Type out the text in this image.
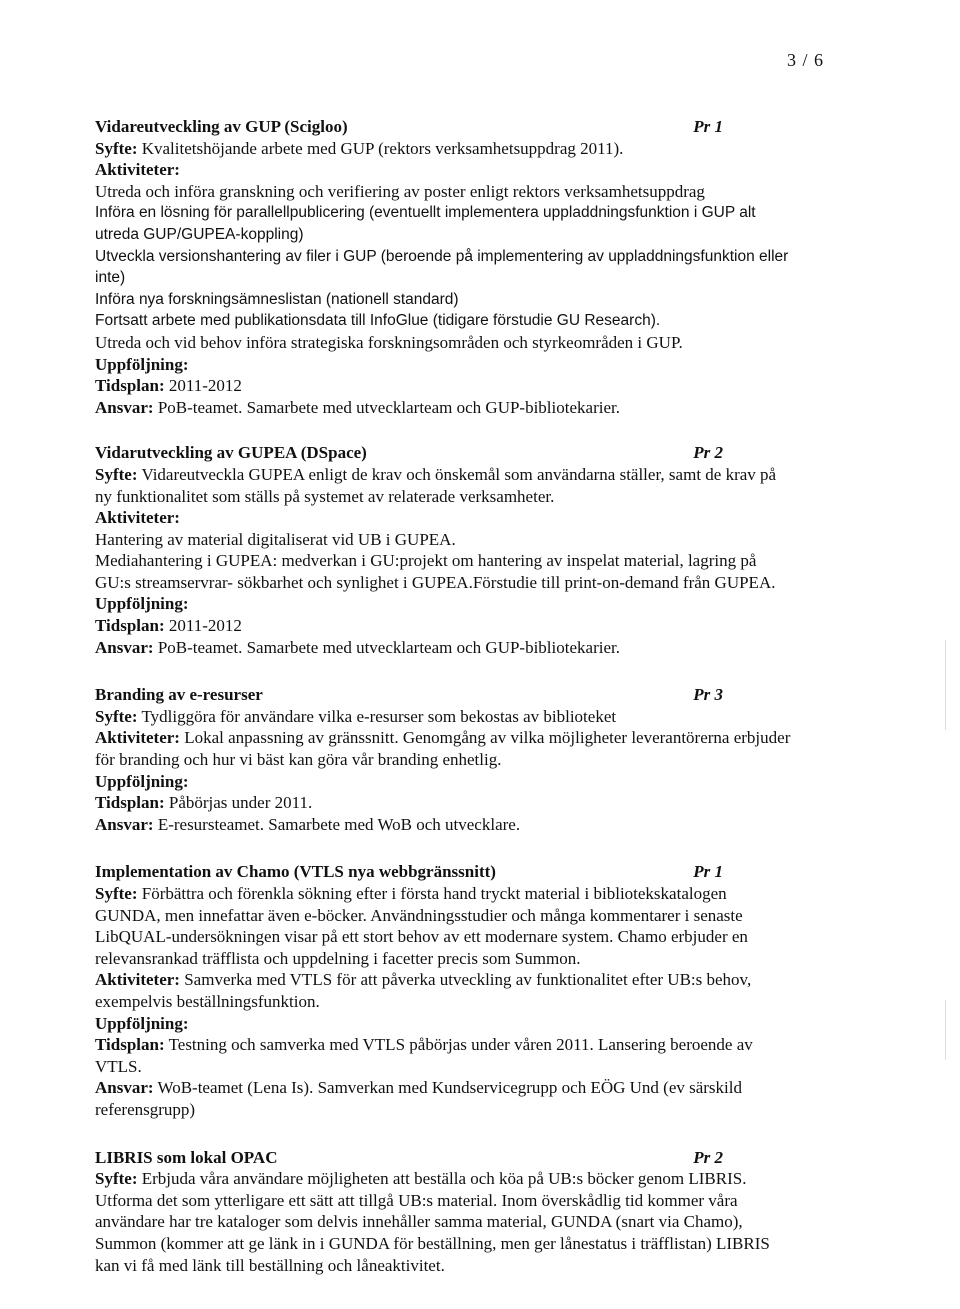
3 / 6
Vidareutveckling av GUP (Scigloo)	Pr 1
Syfte: Kvalitetshöjande arbete med GUP (rektors verksamhetsuppdrag 2011).
Aktiviteter:
Utreda och införa granskning och verifiering av poster enligt rektors verksamhetsuppdrag
Införa en lösning för parallellpublicering (eventuellt implementera uppladdningsfunktion i GUP alt
utreda GUP/GUPEA-koppling)
Utveckla versionshantering av filer i GUP (beroende på implementering av uppladdningsfunktion eller
inte)
Införa nya forskningsämneslistan (nationell standard)
Fortsatt arbete med publikationsdata till InfoGlue (tidigare förstudie GU Research).
Utreda och vid behov införa strategiska forskningsområden och styrkeområden i GUP.
Uppföljning:
Tidsplan: 2011-2012
Ansvar: PoB-teamet. Samarbete med utvecklarteam och GUP-bibliotekarier.
Vidarutveckling av GUPEA (DSpace)	Pr 2
Syfte: Vidareutveckla GUPEA enligt de krav och önskemål som användarna ställer, samt de krav på
ny funktionalitet som ställs på systemet av relaterade verksamheter.
Aktiviteter:
Hantering av material digitaliserat vid UB i GUPEA.
Mediahantering i GUPEA: medverkan i GU:projekt om hantering av inspelat material, lagring på
GU:s streamservrar- sökbarhet och synlighet i GUPEA.Förstudie till print-on-demand från GUPEA.
Uppföljning:
Tidsplan: 2011-2012
Ansvar: PoB-teamet. Samarbete med utvecklarteam och GUP-bibliotekarier.
Branding av e-resurser	Pr 3
Syfte: Tydliggöra för användare vilka e-resurser som bekostas av biblioteket
Aktiviteter: Lokal anpassning av gränssnitt. Genomgång av vilka möjligheter leverantörerna erbjuder
för branding och hur vi bäst kan göra vår branding enhetlig.
Uppföljning:
Tidsplan: Påbörjas under 2011.
Ansvar: E-resursteamet. Samarbete med WoB och utvecklare.
Implementation av Chamo (VTLS nya webbgränssnitt)	Pr 1
Syfte: Förbättra och förenkla sökning efter i första hand tryckt material i bibliotekskatalogen
GUNDA, men innefattar även e-böcker. Användningsstudier och många kommentarer i senaste
LibQUAL-undersökningen visar på ett stort behov av ett modernare system. Chamo erbjuder en
relevansrankad träfflista och uppdelning i facetter precis som Summon.
Aktiviteter: Samverka med VTLS för att påverka utveckling av funktionalitet efter UB:s behov,
exempelvis beställningsfunktion.
Uppföljning:
Tidsplan: Testning och samverka med VTLS påbörjas under våren 2011. Lansering beroende av
VTLS.
Ansvar: WoB-teamet (Lena Is). Samverkan med Kundservicegrupp och EÖG Und (ev särskild
referensgrupp)
LIBRIS som lokal OPAC	Pr 2
Syfte: Erbjuda våra användare möjligheten att beställa och köa på UB:s böcker genom LIBRIS.
Utforma det som ytterligare ett sätt att tillgå UB:s material. Inom överskådlig tid kommer våra
användare har tre kataloger som delvis innehåller samma material, GUNDA (snart via Chamo),
Summon (kommer att ge länk in i GUNDA för beställning, men ger lånestatus i träfflistan) LIBRIS
kan vi få med länk till beställning och låneaktivitet.
